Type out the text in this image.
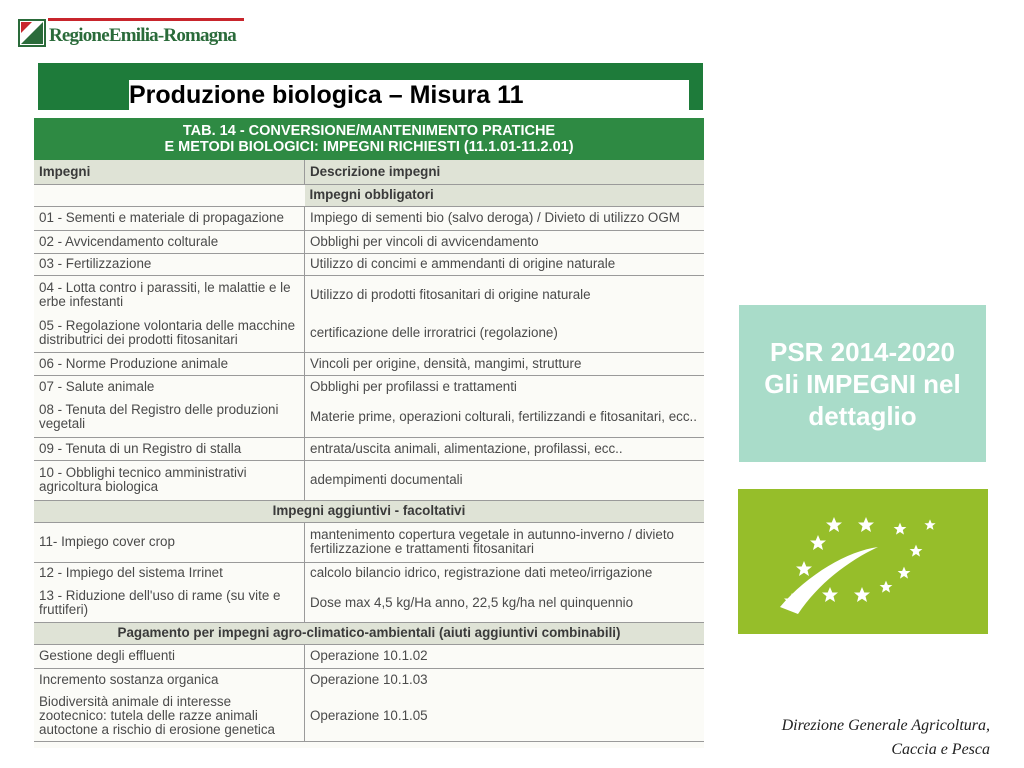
RegioneEmilia-Romagna
Produzione biologica – Misura 11
TAB. 14 - CONVERSIONE/MANTENIMENTO PRATICHE
E METODI BIOLOGICI: IMPEGNI RICHIESTI (11.1.01-11.2.01)
Impegni	Descrizione impegni
	Impegni obbligatori
01 - Sementi e materiale di propagazione	Impiego di sementi bio (salvo deroga) / Divieto di utilizzo OGM
02 - Avvicendamento colturale	Obblighi per vincoli di avvicendamento
03 - Fertilizzazione	Utilizzo di concimi e ammendanti di origine naturale
04 - Lotta contro i parassiti, le malattie e le erbe infestanti	Utilizzo di prodotti fitosanitari di origine naturale
05 - Regolazione volontaria delle macchine distributrici dei prodotti fitosanitari	certificazione delle irroratrici (regolazione)
06 - Norme Produzione animale	Vincoli per origine, densità, mangimi, strutture
07 - Salute animale	Obblighi per profilassi e trattamenti
08 - Tenuta del Registro delle produzioni vegetali	Materie prime, operazioni colturali, fertilizzandi e fitosanitari, ecc..
09 - Tenuta di un Registro di stalla	entrata/uscita animali, alimentazione, profilassi, ecc..
10 - Obblighi tecnico amministrativi agricoltura biologica	adempimenti documentali
Impegni aggiuntivi - facoltativi	
11- Impiego cover crop	mantenimento copertura vegetale in autunno-inverno / divieto fertilizzazione e trattamenti fitosanitari
12 - Impiego del sistema Irrinet	calcolo bilancio idrico, registrazione dati meteo/irrigazione
13 - Riduzione dell'uso di rame (su vite e fruttiferi)	Dose max 4,5 kg/Ha anno, 22,5 kg/ha nel quinquennio
Pagamento per impegni agro-climatico-ambientali (aiuti aggiuntivi combinabili)	
Gestione degli effluenti	Operazione 10.1.02
Incremento sostanza organica	Operazione 10.1.03
Biodiversità animale di interesse zootecnico: tutela delle razze animali autoctone a rischio di erosione genetica	Operazione 10.1.05
PSR 2014-2020
Gli IMPEGNI nel
dettaglio
Direzione Generale Agricoltura,
Caccia e Pesca
